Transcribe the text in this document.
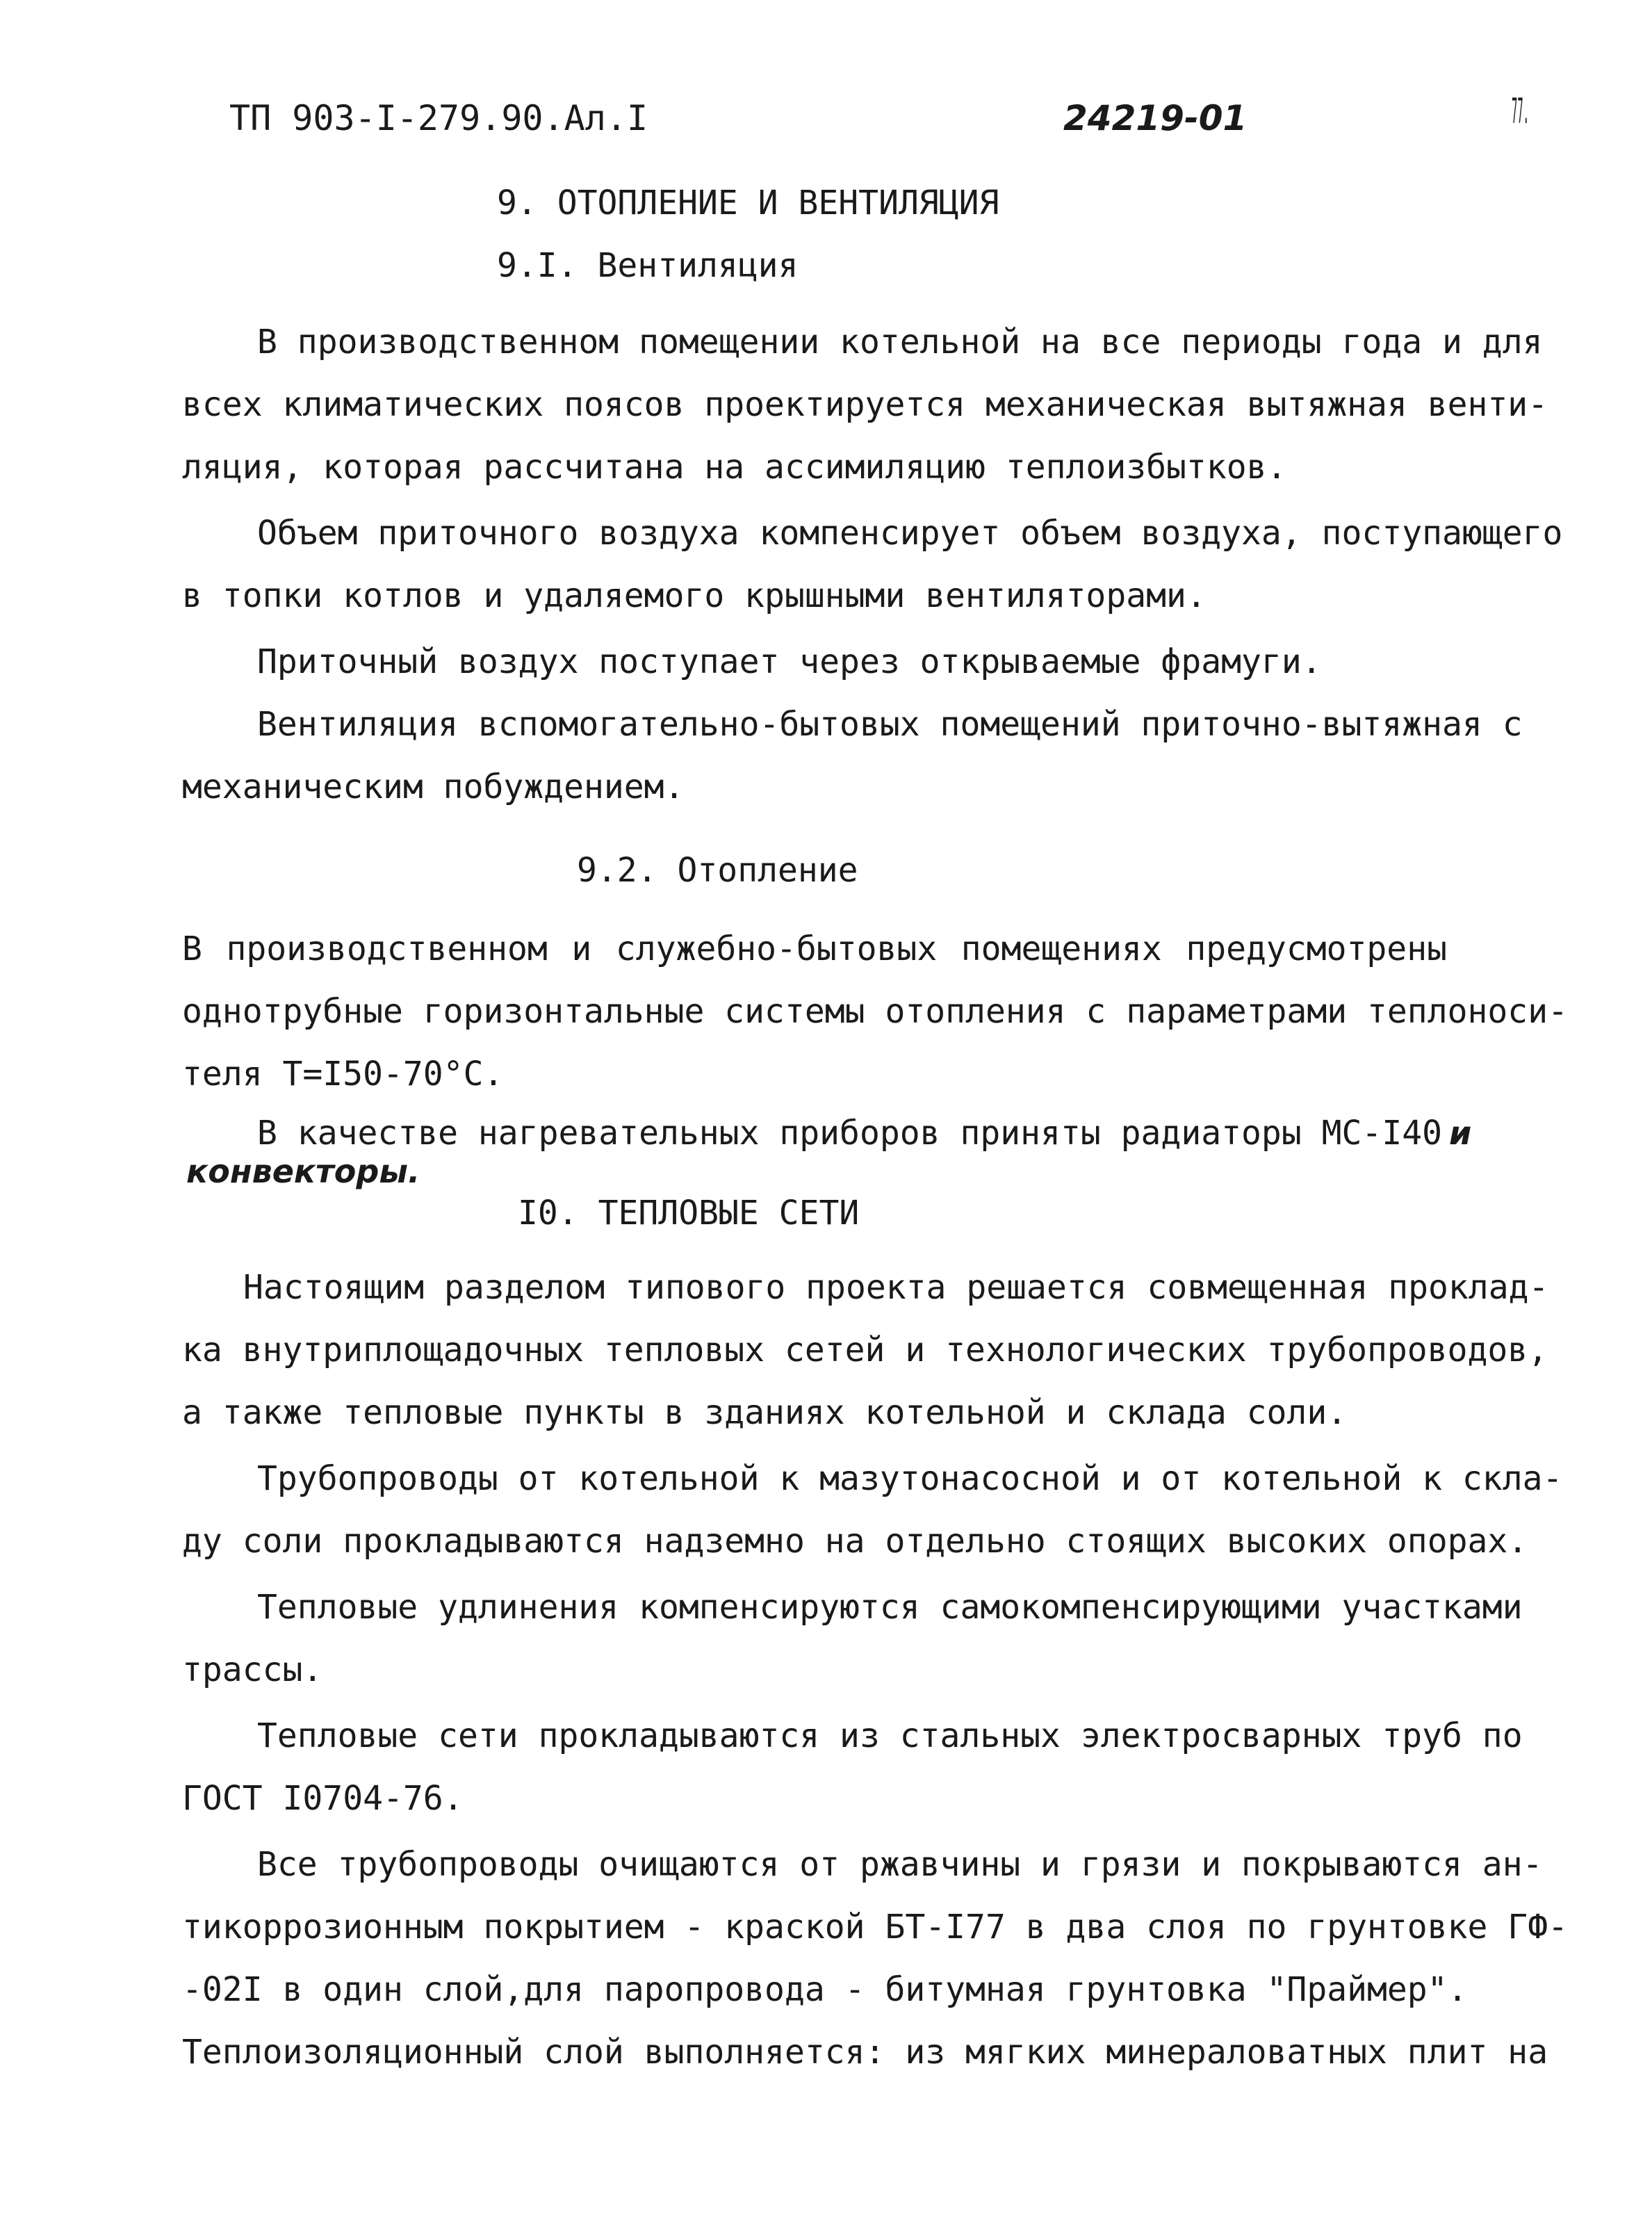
ТП 903-I-279.90.Ал.I	24219-01	77.
9. ОТОПЛЕНИЕ И ВЕНТИЛЯЦИЯ
9.I. Вентиляция
В производственном помещении котельной на все периоды года и для
всех климатических поясов проектируется механическая вытяжная венти-
ляция, которая рассчитана на ассимиляцию теплоизбытков.
Объем приточного воздуха компенсирует объем воздуха, поступающего
в топки котлов и удаляемого крышными вентиляторами.
Приточный воздух поступает через открываемые фрамуги.
Вентиляция вспомогательно-бытовых помещений приточно-вытяжная с
механическим побуждением.
9.2. Отопление
В производственном и служебно-бытовых помещениях предусмотрены
однотрубные горизонтальные системы отопления с параметрами теплоноси-
теля Т=I50-70°С.
В качестве нагревательных приборов приняты радиаторы МС-I40 и
конвекторы.
I0. ТЕПЛОВЫЕ СЕТИ
Настоящим разделом типового проекта решается совмещенная проклад-
ка внутриплощадочных тепловых сетей и технологических трубопроводов,
а также тепловые пункты в зданиях котельной и склада соли.
Трубопроводы от котельной к мазутонасосной и от котельной к скла-
ду соли прокладываются надземно на отдельно стоящих высоких опорах.
Тепловые удлинения компенсируются самокомпенсирующими участками
трассы.
Тепловые сети прокладываются из стальных электросварных труб по
ГОСТ I0704-76.
Все трубопроводы очищаются от ржавчины и грязи и покрываются ан-
тикоррозионным покрытием - краской БТ-I77 в два слоя по грунтовке ГФ-
-02I в один слой,для паропровода - битумная грунтовка "Праймер".
Теплоизоляционный слой выполняется: из мягких минераловатных плит на
